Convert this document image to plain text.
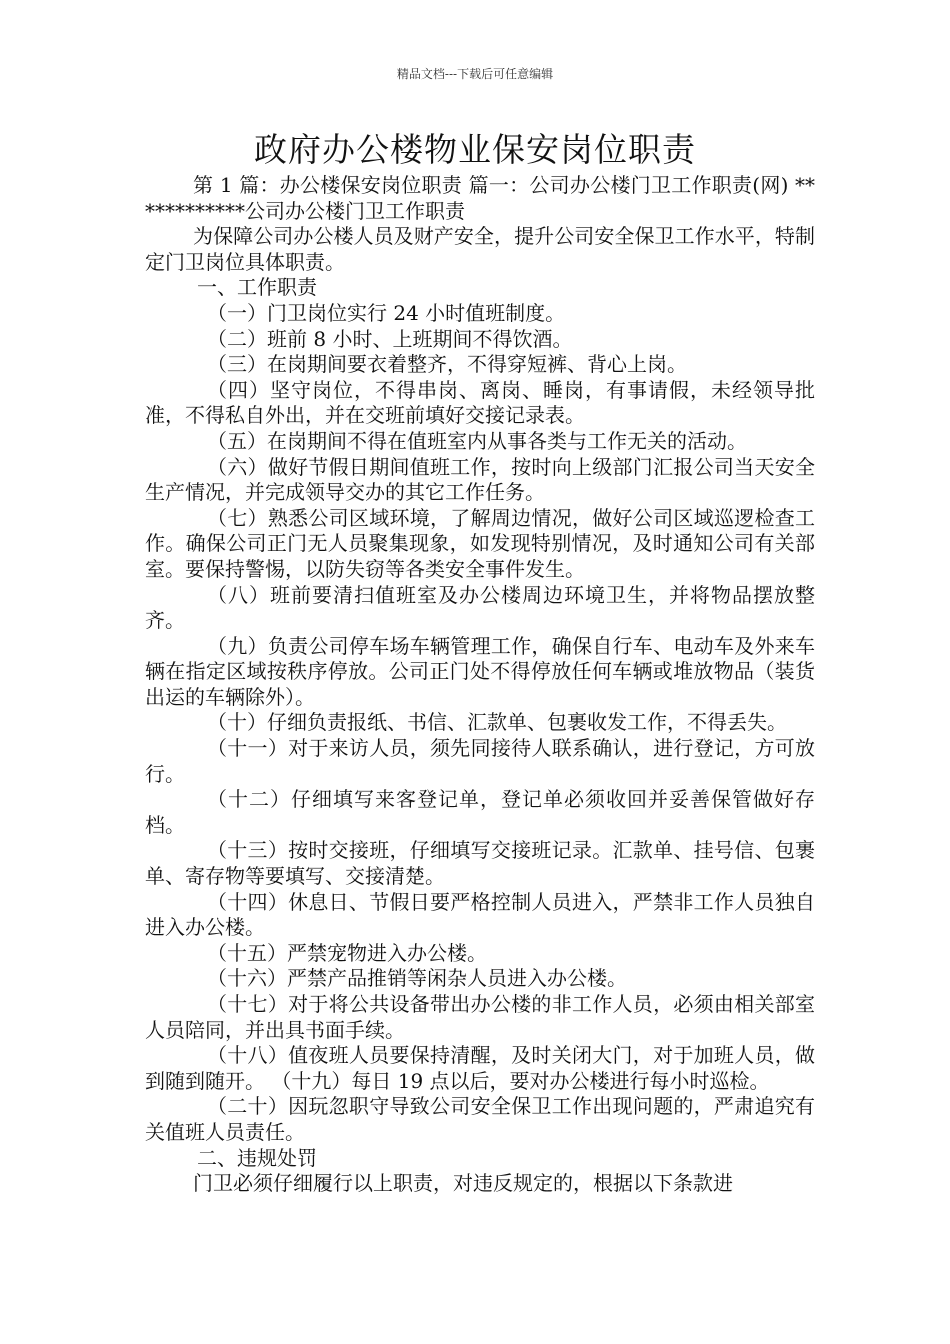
精品文档---下载后可任意编辑
政府办公楼物业保安岗位职责

第 1 篇：办公楼保安岗位职责 篇一：公司办公楼门卫工作职责(网) ************公司办公楼门卫工作职责

为保障公司办公楼人员及财产安全，提升公司安全保卫工作水平，特制定门卫岗位具体职责。

一、工作职责

（一）门卫岗位实行 24 小时值班制度。

（二）班前 8 小时、上班期间不得饮酒。

（三）在岗期间要衣着整齐，不得穿短裤、背心上岗。

（四）坚守岗位，不得串岗、离岗、睡岗，有事请假，未经领导批准，不得私自外出，并在交班前填好交接记录表。

（五）在岗期间不得在值班室内从事各类与工作无关的活动。

（六）做好节假日期间值班工作，按时向上级部门汇报公司当天安全生产情况，并完成领导交办的其它工作任务。

（七）熟悉公司区域环境，了解周边情况，做好公司区域巡逻检查工作。确保公司正门无人员聚集现象，如发现特别情况，及时通知公司有关部室。要保持警惕，以防失窃等各类安全事件发生。

（八）班前要清扫值班室及办公楼周边环境卫生，并将物品摆放整齐。

（九）负责公司停车场车辆管理工作，确保自行车、电动车及外来车辆在指定区域按秩序停放。公司正门处不得停放任何车辆或堆放物品（装货出运的车辆除外）。

（十）仔细负责报纸、书信、汇款单、包裹收发工作，不得丢失。

（十一）对于来访人员，须先同接待人联系确认，进行登记，方可放行。

（十二）仔细填写来客登记单，登记单必须收回并妥善保管做好存档。

（十三）按时交接班，仔细填写交接班记录。汇款单、挂号信、包裹单、寄存物等要填写、交接清楚。

（十四）休息日、节假日要严格控制人员进入，严禁非工作人员独自进入办公楼。

（十五）严禁宠物进入办公楼。

（十六）严禁产品推销等闲杂人员进入办公楼。

（十七）对于将公共设备带出办公楼的非工作人员，必须由相关部室人员陪同，并出具书面手续。

（十八）值夜班人员要保持清醒，及时关闭大门，对于加班人员，做到随到随开。 （十九）每日 19 点以后，要对办公楼进行每小时巡检。

（二十）因玩忽职守导致公司安全保卫工作出现问题的，严肃追究有关值班人员责任。

二、违规处罚

门卫必须仔细履行以上职责，对违反规定的，根据以下条款进
